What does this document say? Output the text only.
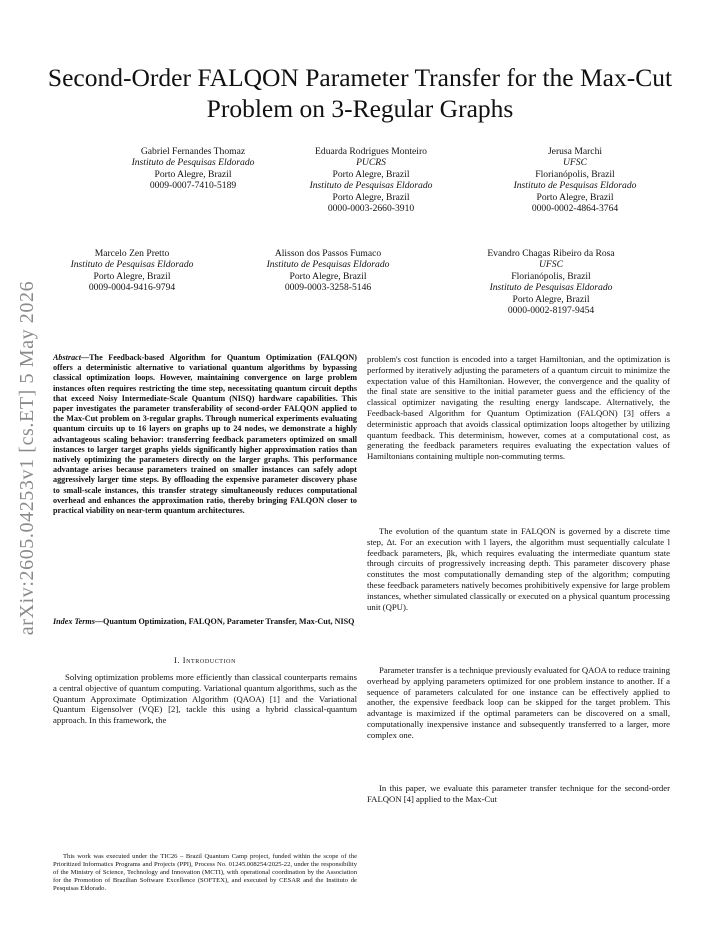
arXiv:2605.04253v1 [cs.ET] 5 May 2026
Second-Order FALQON Parameter Transfer for the Max-Cut Problem on 3-Regular Graphs
Gabriel Fernandes Thomaz
Instituto de Pesquisas Eldorado
Porto Alegre, Brazil
0009-0007-7410-5189
Eduarda Rodrigues Monteiro
PUCRS
Porto Alegre, Brazil
Instituto de Pesquisas Eldorado
Porto Alegre, Brazil
0000-0003-2660-3910
Jerusa Marchi
UFSC
Florianópolis, Brazil
Instituto de Pesquisas Eldorado
Porto Alegre, Brazil
0000-0002-4864-3764
Marcelo Zen Pretto
Instituto de Pesquisas Eldorado
Porto Alegre, Brazil
0009-0004-9416-9794
Alisson dos Passos Fumaco
Instituto de Pesquisas Eldorado
Porto Alegre, Brazil
0009-0003-3258-5146
Evandro Chagas Ribeiro da Rosa
UFSC
Florianópolis, Brazil
Instituto de Pesquisas Eldorado
Porto Alegre, Brazil
0000-0002-8197-9454
Abstract—The Feedback-based Algorithm for Quantum Optimization (FALQON) offers a deterministic alternative to variational quantum algorithms by bypassing classical optimization loops. However, maintaining convergence on large problem instances often requires restricting the time step, necessitating quantum circuit depths that exceed Noisy Intermediate-Scale Quantum (NISQ) hardware capabilities. This paper investigates the parameter transferability of second-order FALQON applied to the Max-Cut problem on 3-regular graphs. Through numerical experiments evaluating quantum circuits up to 16 layers on graphs up to 24 nodes, we demonstrate a highly advantageous scaling behavior: transferring feedback parameters optimized on small instances to larger target graphs yields significantly higher approximation ratios than natively optimizing the parameters directly on the larger graphs. This performance advantage arises because parameters trained on smaller instances can safely adopt aggressively larger time steps. By offloading the expensive parameter discovery phase to small-scale instances, this transfer strategy simultaneously reduces computational overhead and enhances the approximation ratio, thereby bringing FALQON closer to practical viability on near-term quantum architectures.
Index Terms—Quantum Optimization, FALQON, Parameter Transfer, Max-Cut, NISQ
I. Introduction
Solving optimization problems more efficiently than classical counterparts remains a central objective of quantum computing. Variational quantum algorithms, such as the Quantum Approximate Optimization Algorithm (QAOA) [1] and the Variational Quantum Eigensolver (VQE) [2], tackle this using a hybrid classical-quantum approach. In this framework, the
This work was executed under the TIC26 – Brazil Quantum Camp project, funded within the scope of the Prioritized Informatics Programs and Projects (PPI), Process No. 01245.008254/2025-22, under the responsibility of the Ministry of Science, Technology and Innovation (MCTI), with operational coordination by the Association for the Promotion of Brazilian Software Excellence (SOFTEX), and executed by CESAR and the Instituto de Pesquisas Eldorado.
problem's cost function is encoded into a target Hamiltonian, and the optimization is performed by iteratively adjusting the parameters of a quantum circuit to minimize the expectation value of this Hamiltonian. However, the convergence and the quality of the final state are sensitive to the initial parameter guess and the efficiency of the classical optimizer navigating the resulting energy landscape. Alternatively, the Feedback-based Algorithm for Quantum Optimization (FALQON) [3] offers a deterministic approach that avoids classical optimization loops altogether by utilizing quantum feedback. This determinism, however, comes at a computational cost, as generating the feedback parameters requires evaluating the expectation values of Hamiltonians containing multiple non-commuting terms.
The evolution of the quantum state in FALQON is governed by a discrete time step, Δt. For an execution with l layers, the algorithm must sequentially calculate l feedback parameters, βk, which requires evaluating the intermediate quantum state through circuits of progressively increasing depth. This parameter discovery phase constitutes the most computationally demanding step of the algorithm; computing these feedback parameters natively becomes prohibitively expensive for large problem instances, whether simulated classically or executed on a physical quantum processing unit (QPU).
Parameter transfer is a technique previously evaluated for QAOA to reduce training overhead by applying parameters optimized for one problem instance to another. If a sequence of parameters calculated for one instance can be effectively applied to another, the expensive feedback loop can be skipped for the target problem. This advantage is maximized if the optimal parameters can be discovered on a small, computationally inexpensive instance and subsequently transferred to a larger, more complex one.
In this paper, we evaluate this parameter transfer technique for the second-order FALQON [4] applied to the Max-Cut
